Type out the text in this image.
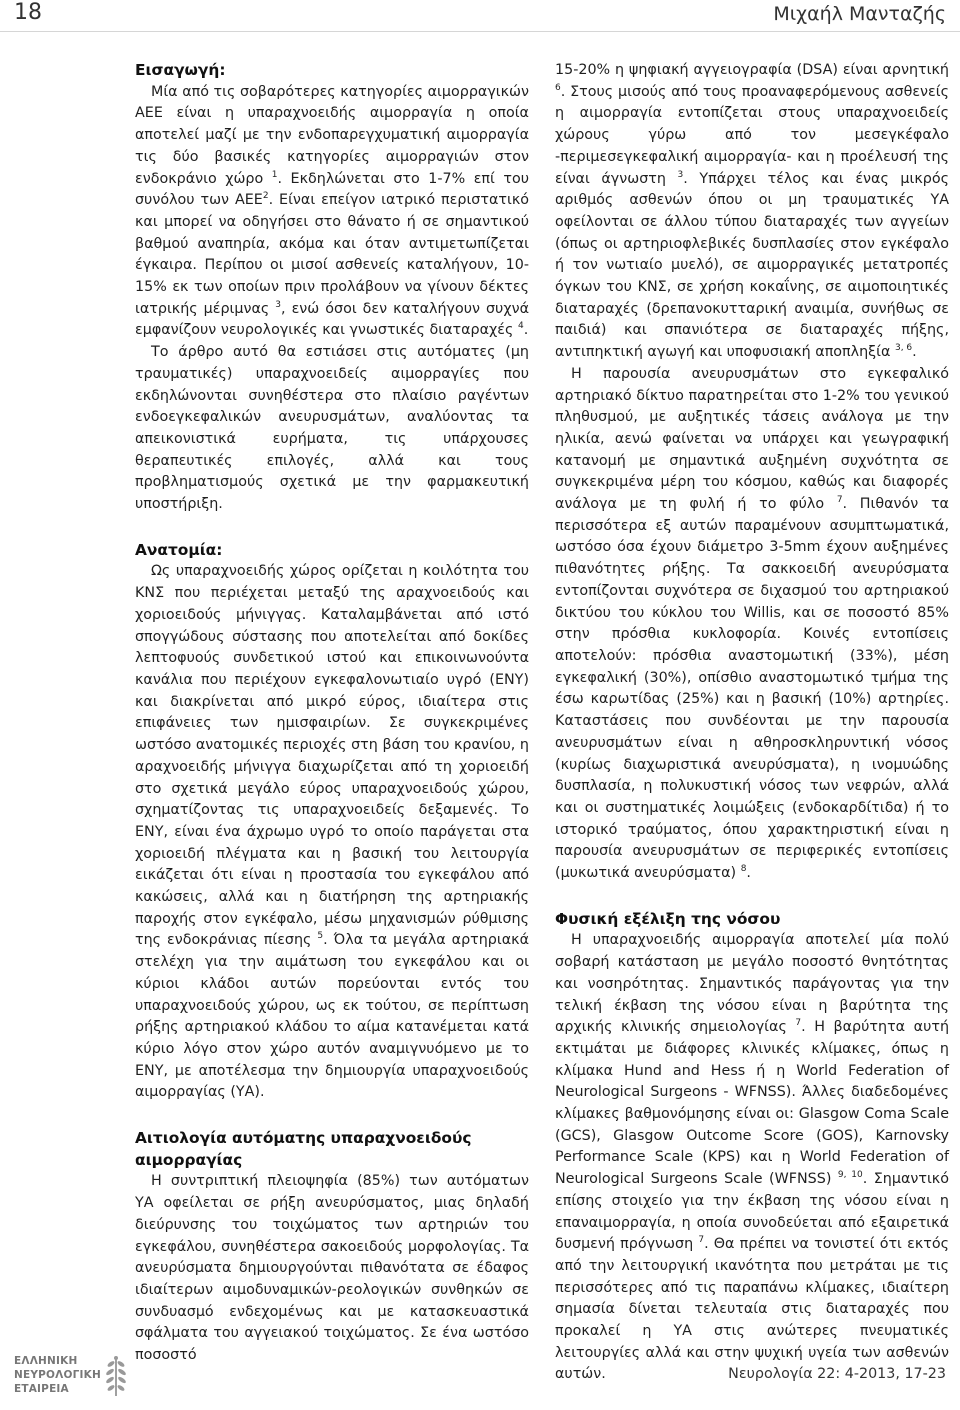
18	Μιχαήλ Μανταζής
Εισαγωγή:

Μία από τις σοβαρότερες κατηγορίες αιμορραγικών ΑΕΕ είναι η υπαραχνοειδής αιμορραγία η οποία αποτελεί μαζί με την ενδοπαρεγχυματική αιμορραγία τις δύο βασικές κατηγορίες αιμορραγιών στον ενδοκράνιο χώρο $^1$. Εκδηλώνεται στο 1-7% επί του συνόλου των ΑΕΕ$^2$. Είναι επείγον ιατρικό περιστατικό και μπορεί να οδηγήσει στο θάνατο ή σε σημαντικού βαθμού αναπηρία, ακόμα και όταν αντιμετωπίζεται έγκαιρα. Περίπου οι μισοί ασθενείς καταλήγουν, 10-15% εκ των οποίων πριν προλάβουν να γίνουν δέκτες ιατρικής μέριμνας $^3$, ενώ όσοι δεν καταλήγουν συχνά εμφανίζουν νευρολογικές και γνωστικές διαταραχές $^4$.

Το άρθρο αυτό θα εστιάσει στις αυτόματες (μη τραυματικές) υπαραχνοειδείς αιμορραγίες που εκδηλώνονται συνηθέστερα στο πλαίσιο ραγέντων ενδοεγκεφαλικών ανευρυσμάτων, αναλύοντας τα απεικονιστικά ευρήματα, τις υπάρχουσες θεραπευτικές επιλογές, αλλά και τους προβληματισμούς σχετικά με την φαρμακευτική υποστήριξη.

Ανατομία:

Ως υπαραχνοειδής χώρος ορίζεται η κοιλότητα του ΚΝΣ που περιέχεται μεταξύ της αραχνοειδούς και χοριοειδούς μήνιγγας. Καταλαμβάνεται από ιστό σπογγώδους σύστασης που αποτελείται από δοκίδες λεπτοφυούς συνδετικού ιστού και επικοινωνούντα κανάλια που περιέχουν εγκεφαλονωτιαίο υγρό (ΕΝΥ) και διακρίνεται από μικρό εύρος, ιδιαίτερα στις επιφάνειες των ημισφαιρίων. Σε συγκεκριμένες ωστόσο ανατομικές περιοχές στη βάση του κρανίου, η αραχνοειδής μήνιγγα διαχωρίζεται από τη χοριοειδή στο σχετικά μεγάλο εύρος υπαραχνοειδούς χώρου, σχηματίζοντας τις υπαραχνοειδείς δεξαμενές. Το ΕΝΥ, είναι ένα άχρωμο υγρό το οποίο παράγεται στα χοριοειδή πλέγματα και η βασική του λειτουργία εικάζεται ότι είναι η προστασία του εγκεφάλου από κακώσεις, αλλά και η διατήρηση της αρτηριακής παροχής στον εγκέφαλο, μέσω μηχανισμών ρύθμισης της ενδοκράνιας πίεσης $^5$. Όλα τα μεγάλα αρτηριακά στελέχη για την αιμάτωση του εγκεφάλου και οι κύριοι κλάδοι αυτών πορεύονται εντός του υπαραχνοειδούς χώρου, ως εκ τούτου, σε περίπτωση ρήξης αρτηριακού κλάδου το αίμα κατανέμεται κατά κύριο λόγο στον χώρο αυτόν αναμιγνυόμενο με το ΕΝΥ, με αποτέλεσμα την δημιουργία υπαραχνοειδούς αιμορραγίας (ΥΑ).

Αιτιολογία αυτόματης υπαραχνοειδούς αιμορραγίας

Η συντριπτική πλειοψηφία (85%) των αυτόματων ΥΑ οφείλεται σε ρήξη ανευρύσματος, μιας δηλαδή διεύρυνσης του τοιχώματος των αρτηριών του εγκεφάλου, συνηθέστερα σακοειδούς μορφολογίας. Τα ανευρύσματα δημιουργούνται πιθανότατα σε έδαφος ιδιαίτερων αιμοδυναμικών-ρεολογικών συνθηκών σε συνδυασμό ενδεχομένως και με κατασκευαστικά σφάλματα του αγγειακού τοιχώματος. Σε ένα ωστόσο ποσοστό

15-20% η ψηφιακή αγγειογραφία (DSA) είναι αρνητική $^6$. Στους μισούς από τους προαναφερόμενους ασθενείς η αιμορραγία εντοπίζεται στους υπαραχνοειδείς χώρους γύρω από τον μεσεγκέφαλο -περιμεσεγκεφαλική αιμορραγία- και η προέλευσή της είναι άγνωστη $^3$. Υπάρχει τέλος και ένας μικρός αριθμός ασθενών όπου οι μη τραυματικές ΥΑ οφείλονται σε άλλου τύπου διαταραχές των αγγείων (όπως οι αρτηριοφλεβικές δυσπλασίες στον εγκέφαλο ή τον νωτιαίο μυελό), σε αιμορραγικές μετατροπές όγκων του ΚΝΣ, σε χρήση κοκαΐνης, σε αιμοποιητικές διαταραχές (δρεπανοκυτταρική αναιμία, συνήθως σε παιδιά) και σπανιότερα σε διαταραχές πήξης, αντιπηκτική αγωγή και υποφυσιακή αποπληξία $^{3, 6}$.

Η παρουσία ανευρυσμάτων στο εγκεφαλικό αρτηριακό δίκτυο παρατηρείται στο 1-2% του γενικού πληθυσμού, με αυξητικές τάσεις ανάλογα με την ηλικία, αενώ φαίνεται να υπάρχει και γεωγραφική κατανομή με σημαντικά αυξημένη συχνότητα σε συγκεκριμένα μέρη του κόσμου, καθώς και διαφορές ανάλογα με τη φυλή ή το φύλο $^7$. Πιθανόν τα περισσότερα εξ αυτών παραμένουν ασυμπτωματικά, ωστόσο όσα έχουν διάμετρο 3-5mm έχουν αυξημένες πιθανότητες ρήξης. Τα σακκοειδή ανευρύσματα εντοπίζονται συχνότερα σε διχασμού του αρτηριακού δικτύου του κύκλου του Willis, και σε ποσοστό 85% στην πρόσθια κυκλοφορία. Κοινές εντοπίσεις αποτελούν: πρόσθια αναστομωτική (33%), μέση εγκεφαλική (30%), οπίσθιο αναστομωτικό τμήμα της έσω καρωτίδας (25%) και η βασική (10%) αρτηρίες. Καταστάσεις που συνδέονται με την παρουσία ανευρυσμάτων είναι η αθηροσκληρυντική νόσος (κυρίως διαχωριστικά ανευρύσματα), η ινομυώδης δυσπλασία, η πολυκυστική νόσος των νεφρών, αλλά και οι συστηματικές λοιμώξεις (ενδοκαρδίτιδα) ή το ιστορικό τραύματος, όπου χαρακτηριστική είναι η παρουσία ανευρυσμάτων σε περιφερικές εντοπίσεις (μυκωτικά ανευρύσματα) $^8$.

Φυσική εξέλιξη της νόσου

Η υπαραχνοειδής αιμορραγία αποτελεί μία πολύ σοβαρή κατάσταση με μεγάλο ποσοστό θνητότητας και νοσηρότητας. Σημαντικός παράγοντας για την τελική έκβαση της νόσου είναι η βαρύτητα της αρχικής κλινικής σημειολογίας $^7$. Η βαρύτητα αυτή εκτιμάται με διάφορες κλινικές κλίμακες, όπως η κλίμακα Hund and Hess ή η World Federation of Neurological Surgeons - WFNSS). Άλλες διαδεδομένες κλίμακες βαθμονόμησης είναι οι: Glasgow Coma Scale (GCS), Glasgow Outcome Score (GOS), Karnovsky Performance Scale (KPS) και η World Federation of Neurological Surgeons Scale (WFNSS) $^{9, 10}$. Σημαντικό επίσης στοιχείο για την έκβαση της νόσου είναι η επαναιμορραγία, η οποία συνοδεύεται από εξαιρετικά δυσμενή πρόγνωση $^7$. Θα πρέπει να τονιστεί ότι εκτός από την λειτουργική ικανότητα που μετράται με τις περισσότερες από τις παραπάνω κλίμακες, ιδιαίτερη σημασία δίνεται τελευταία στις διαταραχές που προκαλεί η ΥΑ στις ανώτερες πνευματικές λειτουργίες αλλά και στην ψυχική υγεία των ασθενών αυτών.

ΕΛΛΗΝΙΚΗ
ΝΕΥΡΟΛΟΓΙΚΗ
ΕΤΑΙΡΕΙΑ
Νευρολογία 22: 4-2013, 17-23
